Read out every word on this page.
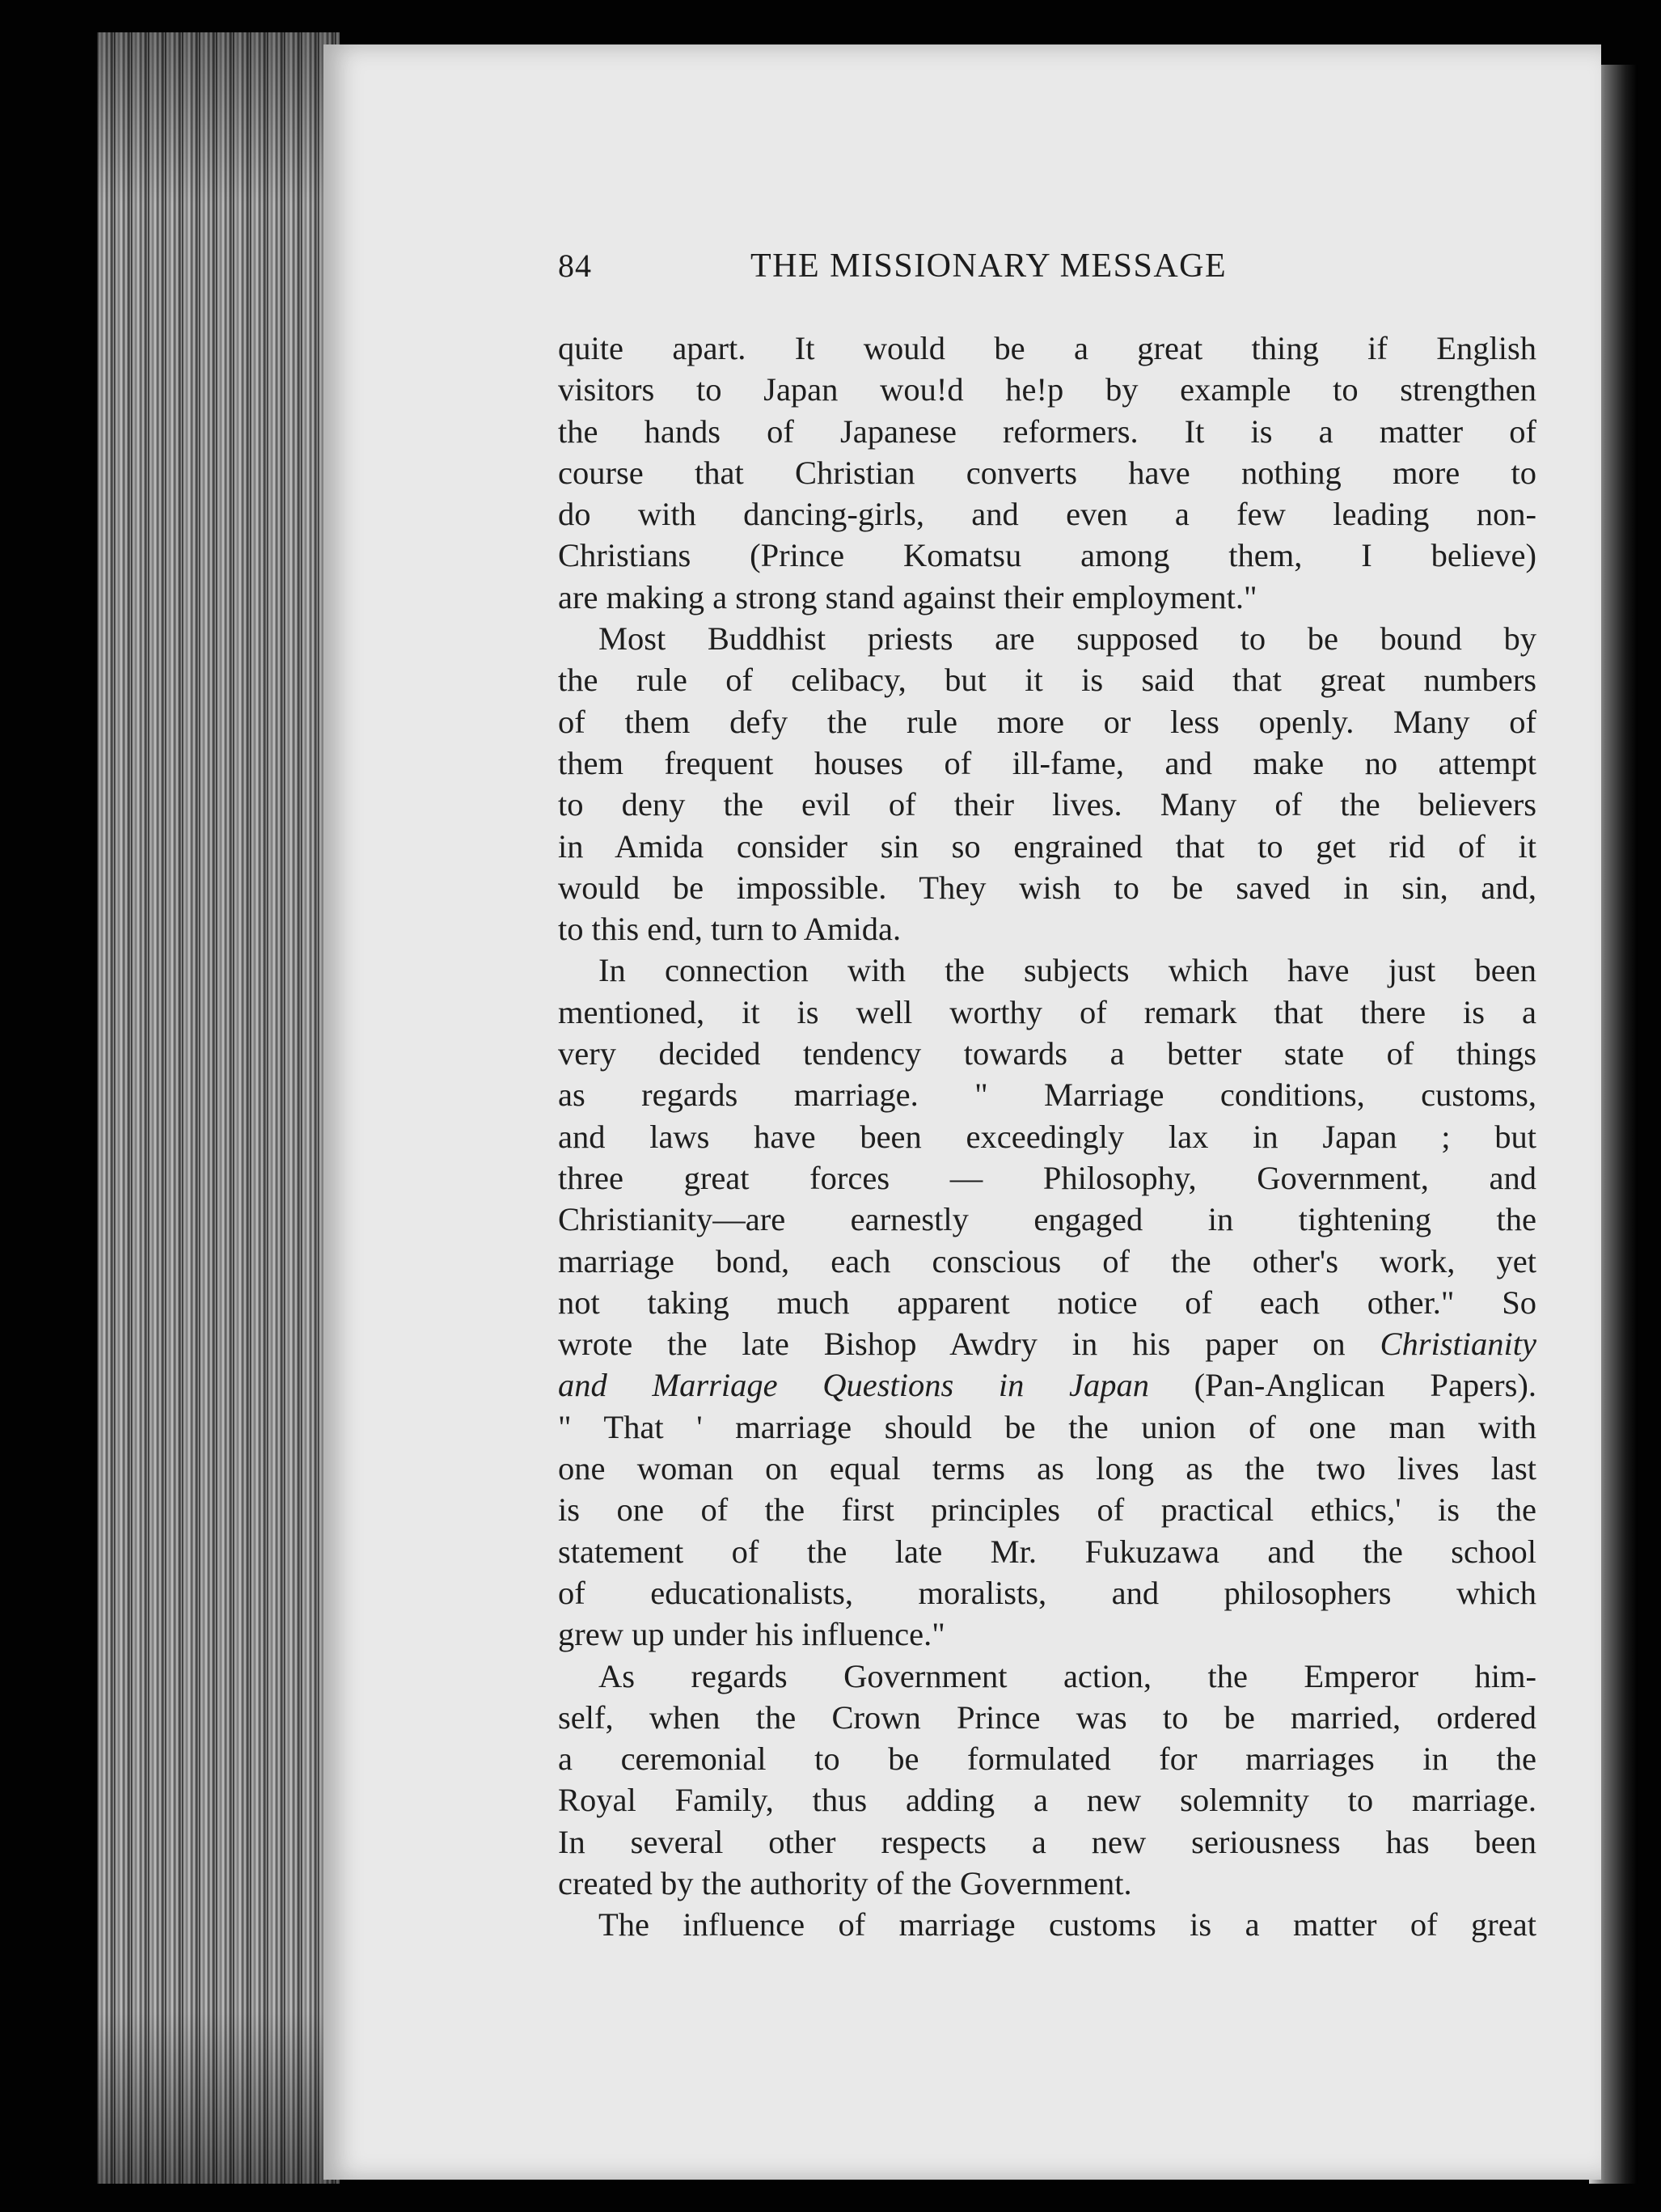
84	THE MISSIONARY MESSAGE
quite apart. It would be a great thing if English
visitors to Japan wou!d he!p by example to strengthen
the hands of Japanese reformers. It is a matter of
course that Christian converts have nothing more to
do with dancing-girls, and even a few leading non-
Christians (Prince Komatsu among them, I believe)
are making a strong stand against their employment."
Most Buddhist priests are supposed to be bound by
the rule of celibacy, but it is said that great numbers
of them defy the rule more or less openly. Many of
them frequent houses of ill-fame, and make no attempt
to deny the evil of their lives. Many of the believers
in Amida consider sin so engrained that to get rid of it
would be impossible. They wish to be saved in sin, and,
to this end, turn to Amida.
In connection with the subjects which have just been
mentioned, it is well worthy of remark that there is a
very decided tendency towards a better state of things
as regards marriage. " Marriage conditions, customs,
and laws have been exceedingly lax in Japan ; but
three great forces — Philosophy, Government, and
Christianity—are earnestly engaged in tightening the
marriage bond, each conscious of the other's work, yet
not taking much apparent notice of each other." So
wrote the late Bishop Awdry in his paper on Christianity
and Marriage Questions in Japan (Pan-Anglican Papers).
" That ' marriage should be the union of one man with
one woman on equal terms as long as the two lives last
is one of the first principles of practical ethics,' is the
statement of the late Mr. Fukuzawa and the school
of educationalists, moralists, and philosophers which
grew up under his influence."
As regards Government action, the Emperor him-
self, when the Crown Prince was to be married, ordered
a ceremonial to be formulated for marriages in the
Royal Family, thus adding a new solemnity to marriage.
In several other respects a new seriousness has been
created by the authority of the Government.
The influence of marriage customs is a matter of great
